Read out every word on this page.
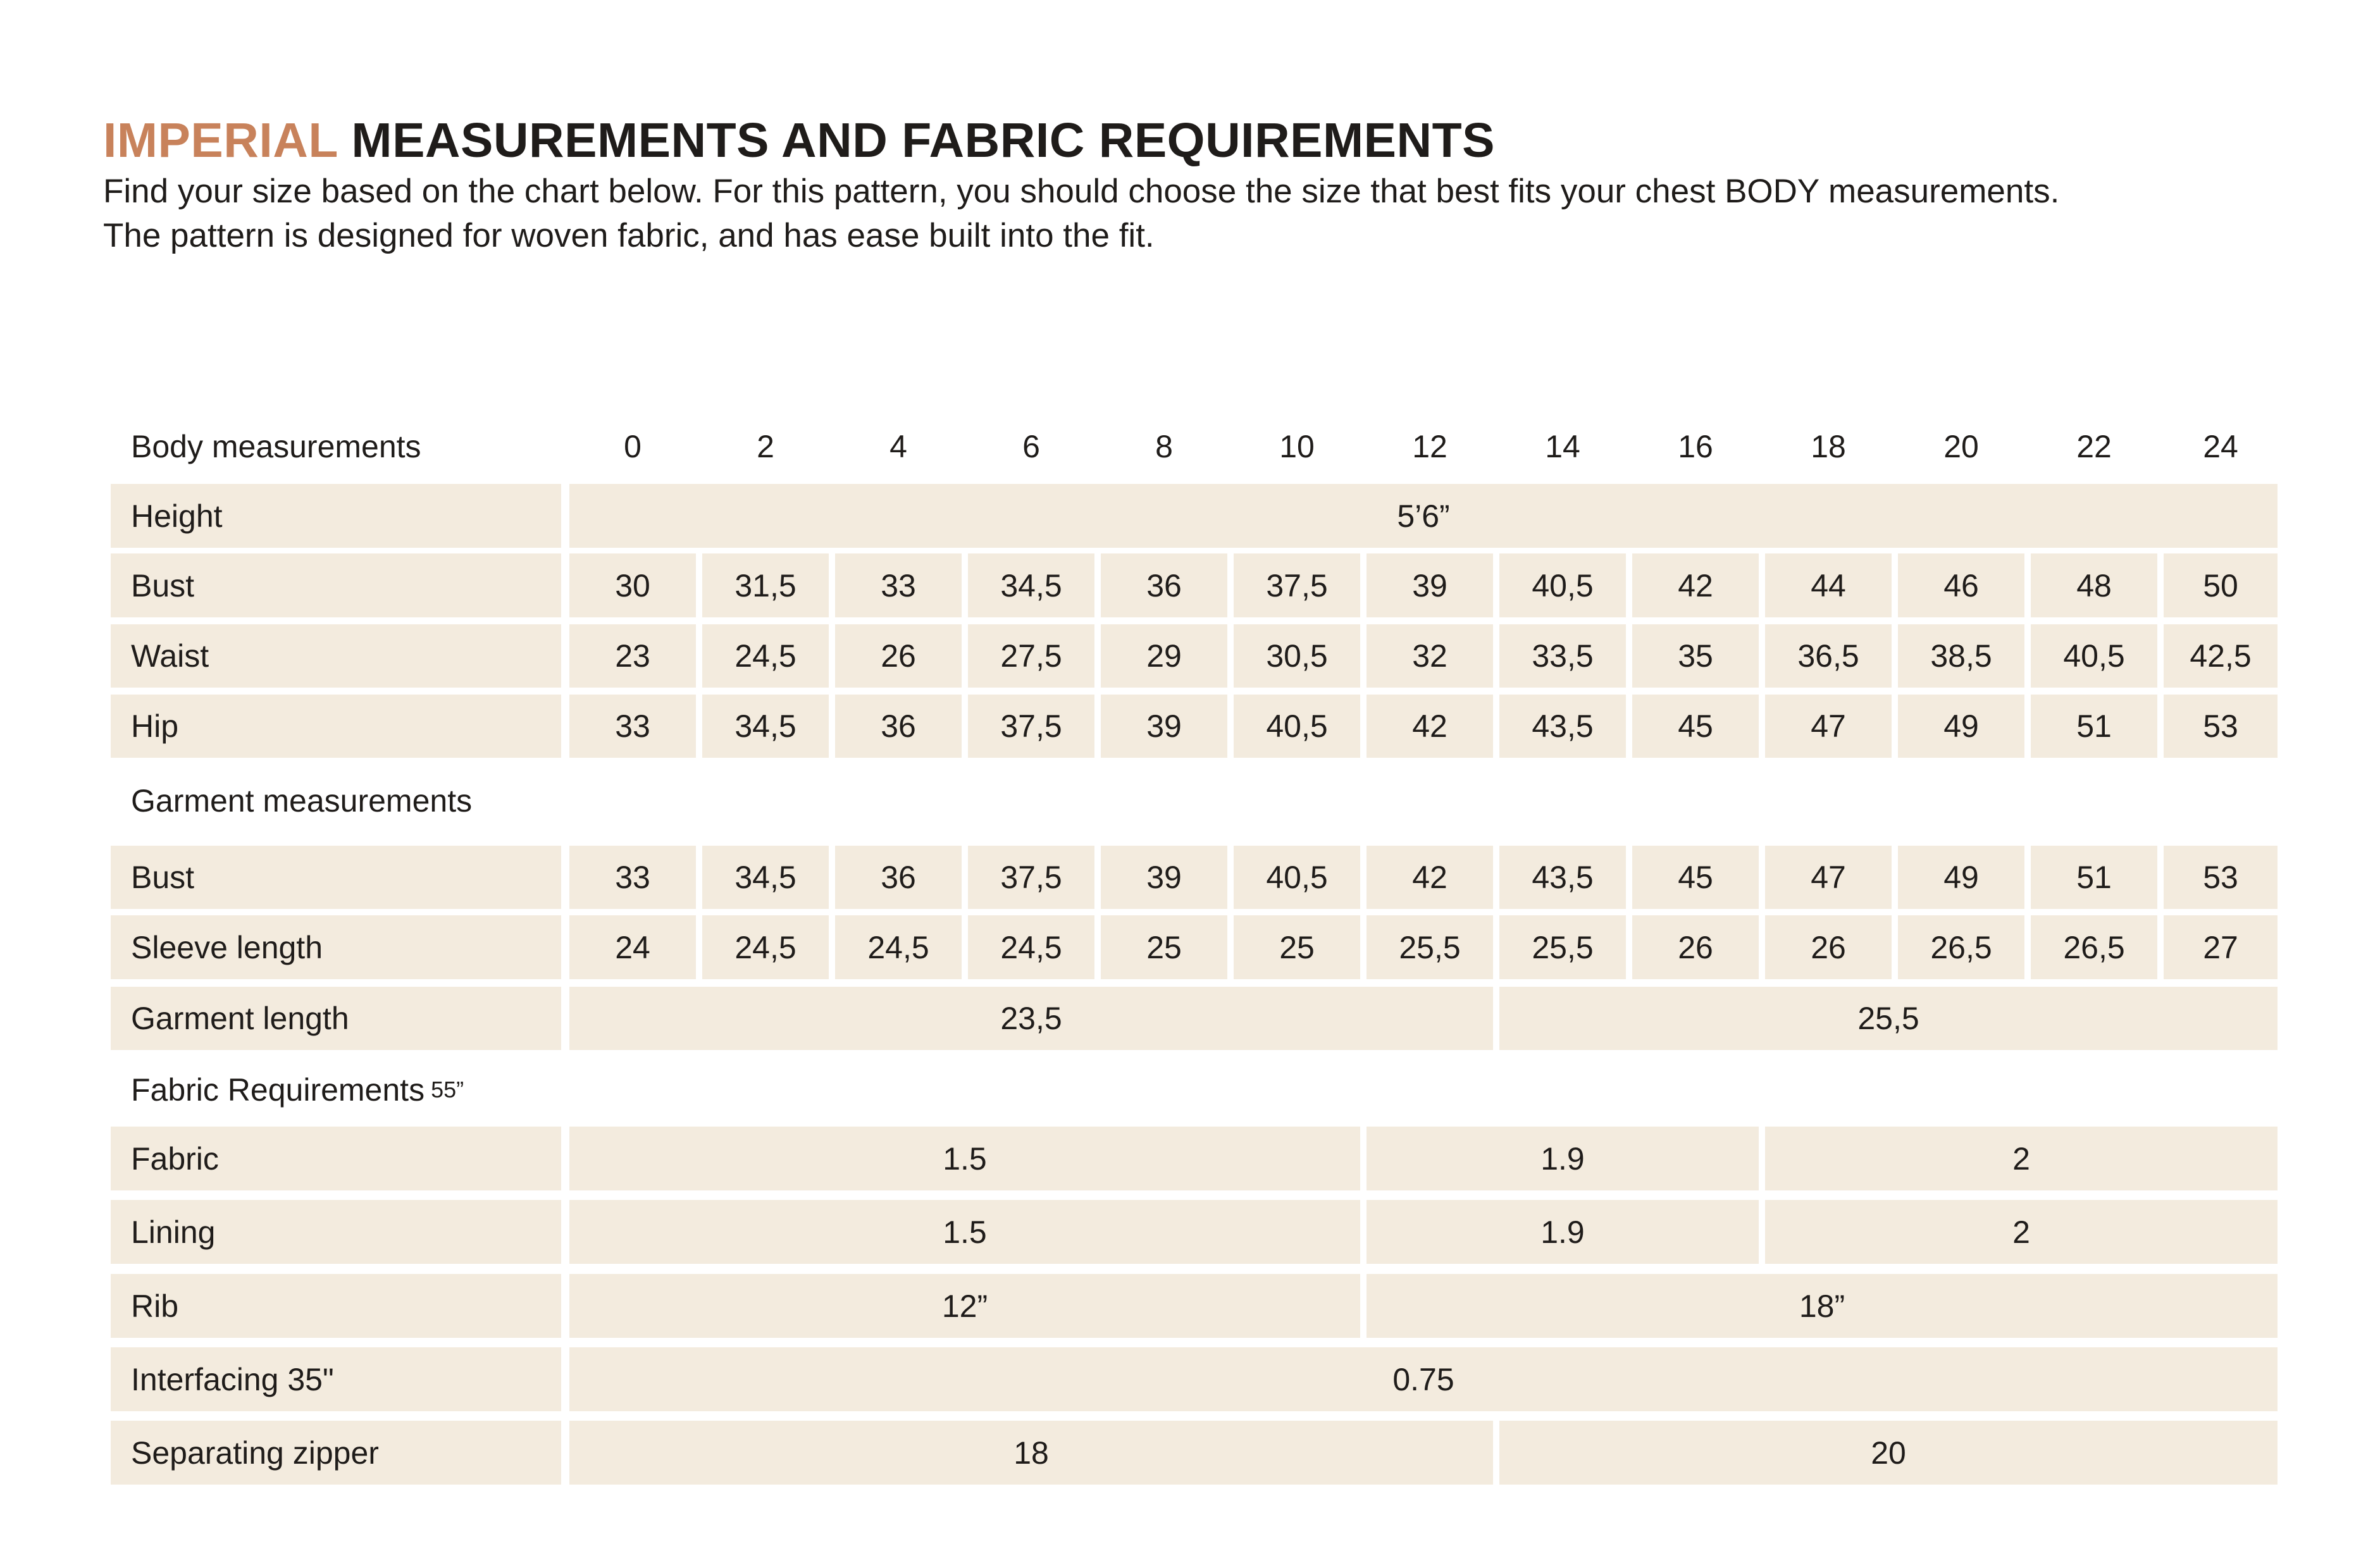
IMPERIAL MEASUREMENTS AND FABRIC REQUIREMENTS

Find your size based on the chart below. For this pattern, you should choose the size that best fits your chest BODY measurements.

The pattern is designed for woven fabric, and has ease built into the fit.

Body measurements	0	2	4	6	8	10	12	14	16	18	20	22	24
Height	5’6”
Bust	30	31,5	33	34,5	36	37,5	39	40,5	42	44	46	48	50
Waist	23	24,5	26	27,5	29	30,5	32	33,5	35	36,5	38,5	40,5	42,5
Hip	33	34,5	36	37,5	39	40,5	42	43,5	45	47	49	51	53
Garment measurements
Bust	33	34,5	36	37,5	39	40,5	42	43,5	45	47	49	51	53
Sleeve length	24	24,5	24,5	24,5	25	25	25,5	25,5	26	26	26,5	26,5	27
Garment length	23,5	25,5
Fabric Requirements 55”
Fabric	1.5	1.9	2
Lining	1.5	1.9	2
Rib	12”	18”
Interfacing 35"	0.75
Separating zipper	18	20
